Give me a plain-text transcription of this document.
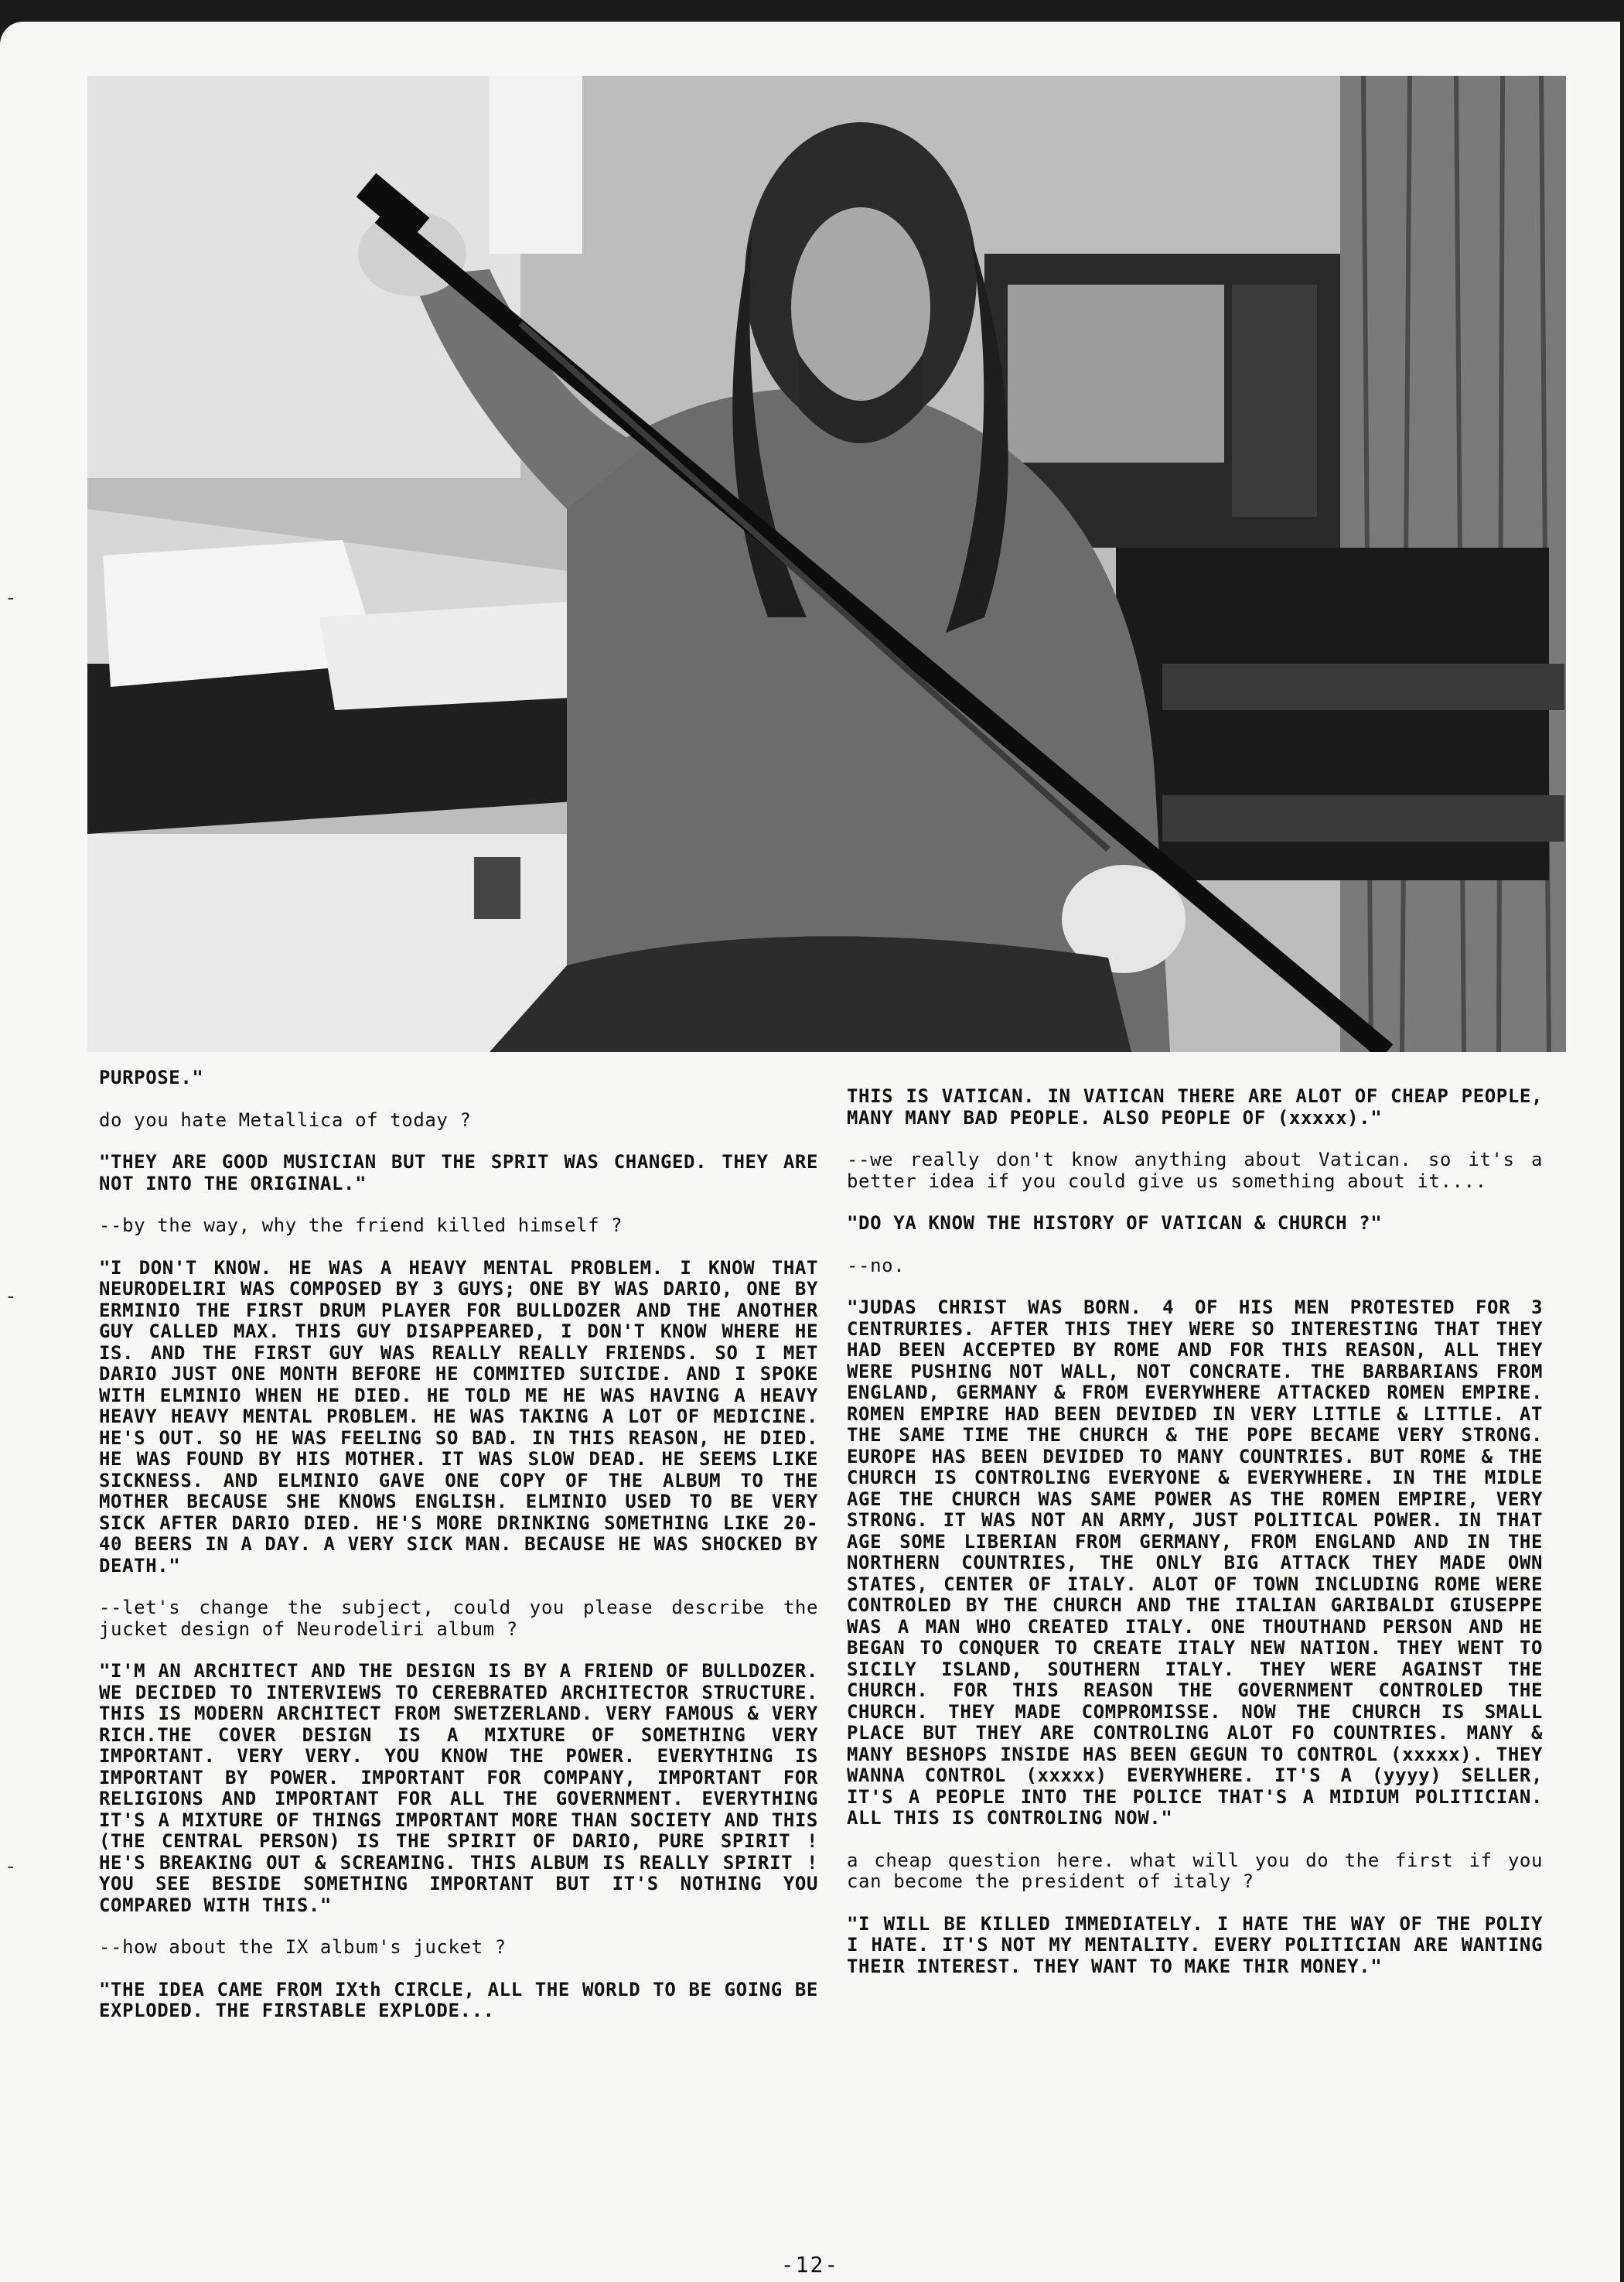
-
-
-

PURPOSE."

do you hate Metallica of today ?

"THEY ARE GOOD MUSICIAN BUT THE SPRIT WAS CHANGED. THEY ARE NOT INTO THE ORIGINAL."

--by the way, why the friend killed himself ?

"I DON'T KNOW. HE WAS A HEAVY MENTAL PROBLEM. I KNOW THAT NEURODELIRI WAS COMPOSED BY 3 GUYS; ONE BY WAS DARIO, ONE BY ERMINIO THE FIRST DRUM PLAYER FOR BULLDOZER AND THE ANOTHER GUY CALLED MAX. THIS GUY DISAPPEARED, I DON'T KNOW WHERE HE IS. AND THE FIRST GUY WAS REALLY REALLY FRIENDS. SO I MET DARIO JUST ONE MONTH BEFORE HE COMMITED SUICIDE. AND I SPOKE WITH ELMINIO WHEN HE DIED. HE TOLD ME HE WAS HAVING A HEAVY HEAVY HEAVY MENTAL PROBLEM. HE WAS TAKING A LOT OF MEDICINE. HE'S OUT. SO HE WAS FEELING SO BAD. IN THIS REASON, HE DIED. HE WAS FOUND BY HIS MOTHER. IT WAS SLOW DEAD. HE SEEMS LIKE SICKNESS. AND ELMINIO GAVE ONE COPY OF THE ALBUM TO THE MOTHER BECAUSE SHE KNOWS ENGLISH. ELMINIO USED TO BE VERY SICK AFTER DARIO DIED. HE'S MORE DRINKING SOMETHING LIKE 20-40 BEERS IN A DAY. A VERY SICK MAN. BECAUSE HE WAS SHOCKED BY DEATH."

--let's change the subject, could you please describe the jucket design of Neurodeliri album ?

"I'M AN ARCHITECT AND THE DESIGN IS BY A FRIEND OF BULLDOZER. WE DECIDED TO INTERVIEWS TO CEREBRATED ARCHITECTOR STRUCTURE. THIS IS MODERN ARCHITECT FROM SWETZERLAND. VERY FAMOUS & VERY RICH.THE COVER DESIGN IS A MIXTURE OF SOMETHING VERY IMPORTANT. VERY VERY. YOU KNOW THE POWER. EVERYTHING IS IMPORTANT BY POWER. IMPORTANT FOR COMPANY, IMPORTANT FOR RELIGIONS AND IMPORTANT FOR ALL THE GOVERNMENT. EVERYTHING IT'S A MIXTURE OF THINGS IMPORTANT MORE THAN SOCIETY AND THIS (THE CENTRAL PERSON) IS THE SPIRIT OF DARIO, PURE SPIRIT ! HE'S BREAKING OUT & SCREAMING. THIS ALBUM IS REALLY SPIRIT ! YOU SEE BESIDE SOMETHING IMPORTANT BUT IT'S NOTHING YOU COMPARED WITH THIS."

--how about the IX album's jucket ?

"THE IDEA CAME FROM IXth CIRCLE, ALL THE WORLD TO BE GOING BE EXPLODED. THE FIRSTABLE EXPLODE...

THIS IS VATICAN. IN VATICAN THERE ARE ALOT OF CHEAP PEOPLE, MANY MANY BAD PEOPLE. ALSO PEOPLE OF (xxxxx)."

--we really don't know anything about Vatican. so it's a better idea if you could give us something about it....

"DO YA KNOW THE HISTORY OF VATICAN & CHURCH ?"

--no.

"JUDAS CHRIST WAS BORN. 4 OF HIS MEN PROTESTED FOR 3 CENTRURIES. AFTER THIS THEY WERE SO INTERESTING THAT THEY HAD BEEN ACCEPTED BY ROME AND FOR THIS REASON, ALL THEY WERE PUSHING NOT WALL, NOT CONCRATE. THE BARBARIANS FROM ENGLAND, GERMANY & FROM EVERYWHERE ATTACKED ROMEN EMPIRE. ROMEN EMPIRE HAD BEEN DEVIDED IN VERY LITTLE & LITTLE. AT THE SAME TIME THE CHURCH & THE POPE BECAME VERY STRONG. EUROPE HAS BEEN DEVIDED TO MANY COUNTRIES. BUT ROME & THE CHURCH IS CONTROLING EVERYONE & EVERYWHERE. IN THE MIDLE AGE THE CHURCH WAS SAME POWER AS THE ROMEN EMPIRE, VERY STRONG. IT WAS NOT AN ARMY, JUST POLITICAL POWER. IN THAT AGE SOME LIBERIAN FROM GERMANY, FROM ENGLAND AND IN THE NORTHERN COUNTRIES, THE ONLY BIG ATTACK THEY MADE OWN STATES, CENTER OF ITALY. ALOT OF TOWN INCLUDING ROME WERE CONTROLED BY THE CHURCH AND THE ITALIAN GARIBALDI GIUSEPPE WAS A MAN WHO CREATED ITALY. ONE THOUTHAND PERSON AND HE BEGAN TO CONQUER TO CREATE ITALY NEW NATION. THEY WENT TO SICILY ISLAND, SOUTHERN ITALY. THEY WERE AGAINST THE CHURCH. FOR THIS REASON THE GOVERNMENT CONTROLED THE CHURCH. THEY MADE COMPROMISSE. NOW THE CHURCH IS SMALL PLACE BUT THEY ARE CONTROLING ALOT FO COUNTRIES. MANY & MANY BESHOPS INSIDE HAS BEEN GEGUN TO CONTROL (xxxxx). THEY WANNA CONTROL (xxxxx) EVERYWHERE. IT'S A (yyyy) SELLER, IT'S A PEOPLE INTO THE POLICE THAT'S A MIDIUM POLITICIAN. ALL THIS IS CONTROLING NOW."

a cheap question here. what will you do the first if you can become the president of italy ?

"I WILL BE KILLED IMMEDIATELY. I HATE THE WAY OF THE POLIY I HATE. IT'S NOT MY MENTALITY. EVERY POLITICIAN ARE WANTING THEIR INTEREST. THEY WANT TO MAKE THIR MONEY."

-12-
